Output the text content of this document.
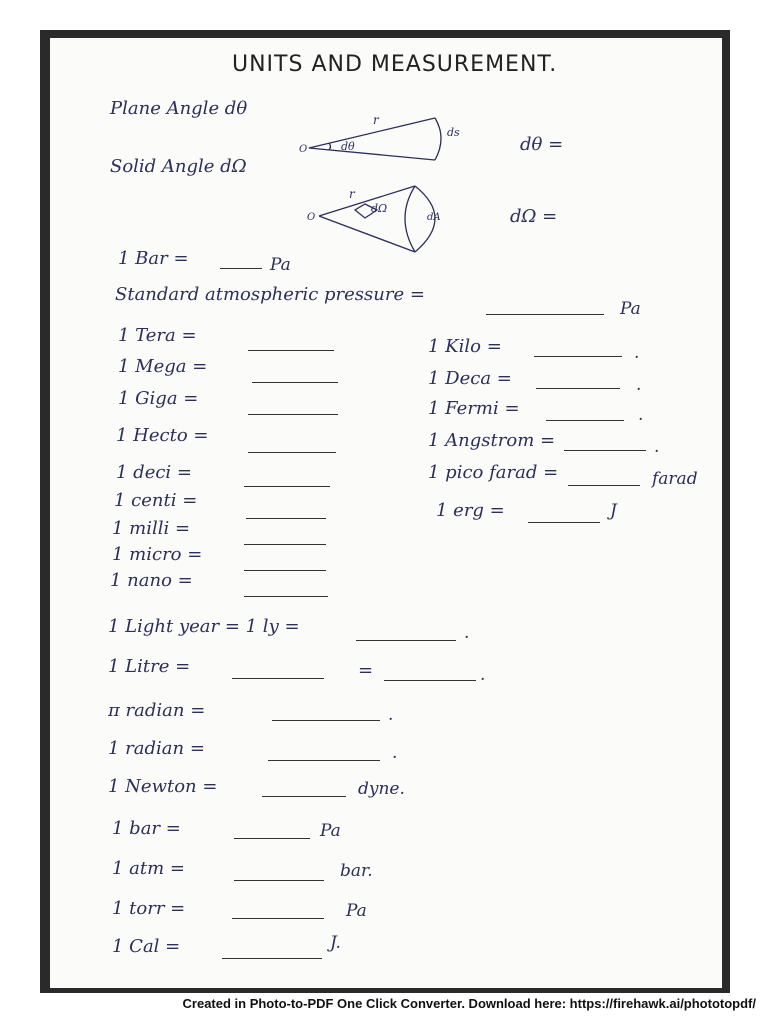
UNITS AND MEASUREMENT.
Plane Angle dθ
dθ =
Solid Angle dΩ
dΩ =
O
r
ds
dθ
O
r
dΩ
dA
1 Bar =	Pa
Standard atmospheric pressure =
Pa
Created in Photo-to-PDF One Click Converter. Download here: https://firehawk.ai/phototopdf/
1 Tera =
1 Mega =
1 Giga =
1 Hecto =
1 deci =
1 centi =
1 milli =
1 micro =
1 nano =
1 Kilo =	.
1 Deca =	.
1 Fermi =	.
1 Angstrom =	.
1 pico farad =	farad
1 erg =	J
1 Light year = 1 ly =	.
1 Litre =	=	.
π radian =	.
1 radian =	.
1 Newton =	dyne.
1 bar =	Pa
1 atm =	bar.
1 torr =	Pa
1 Cal =	J.
